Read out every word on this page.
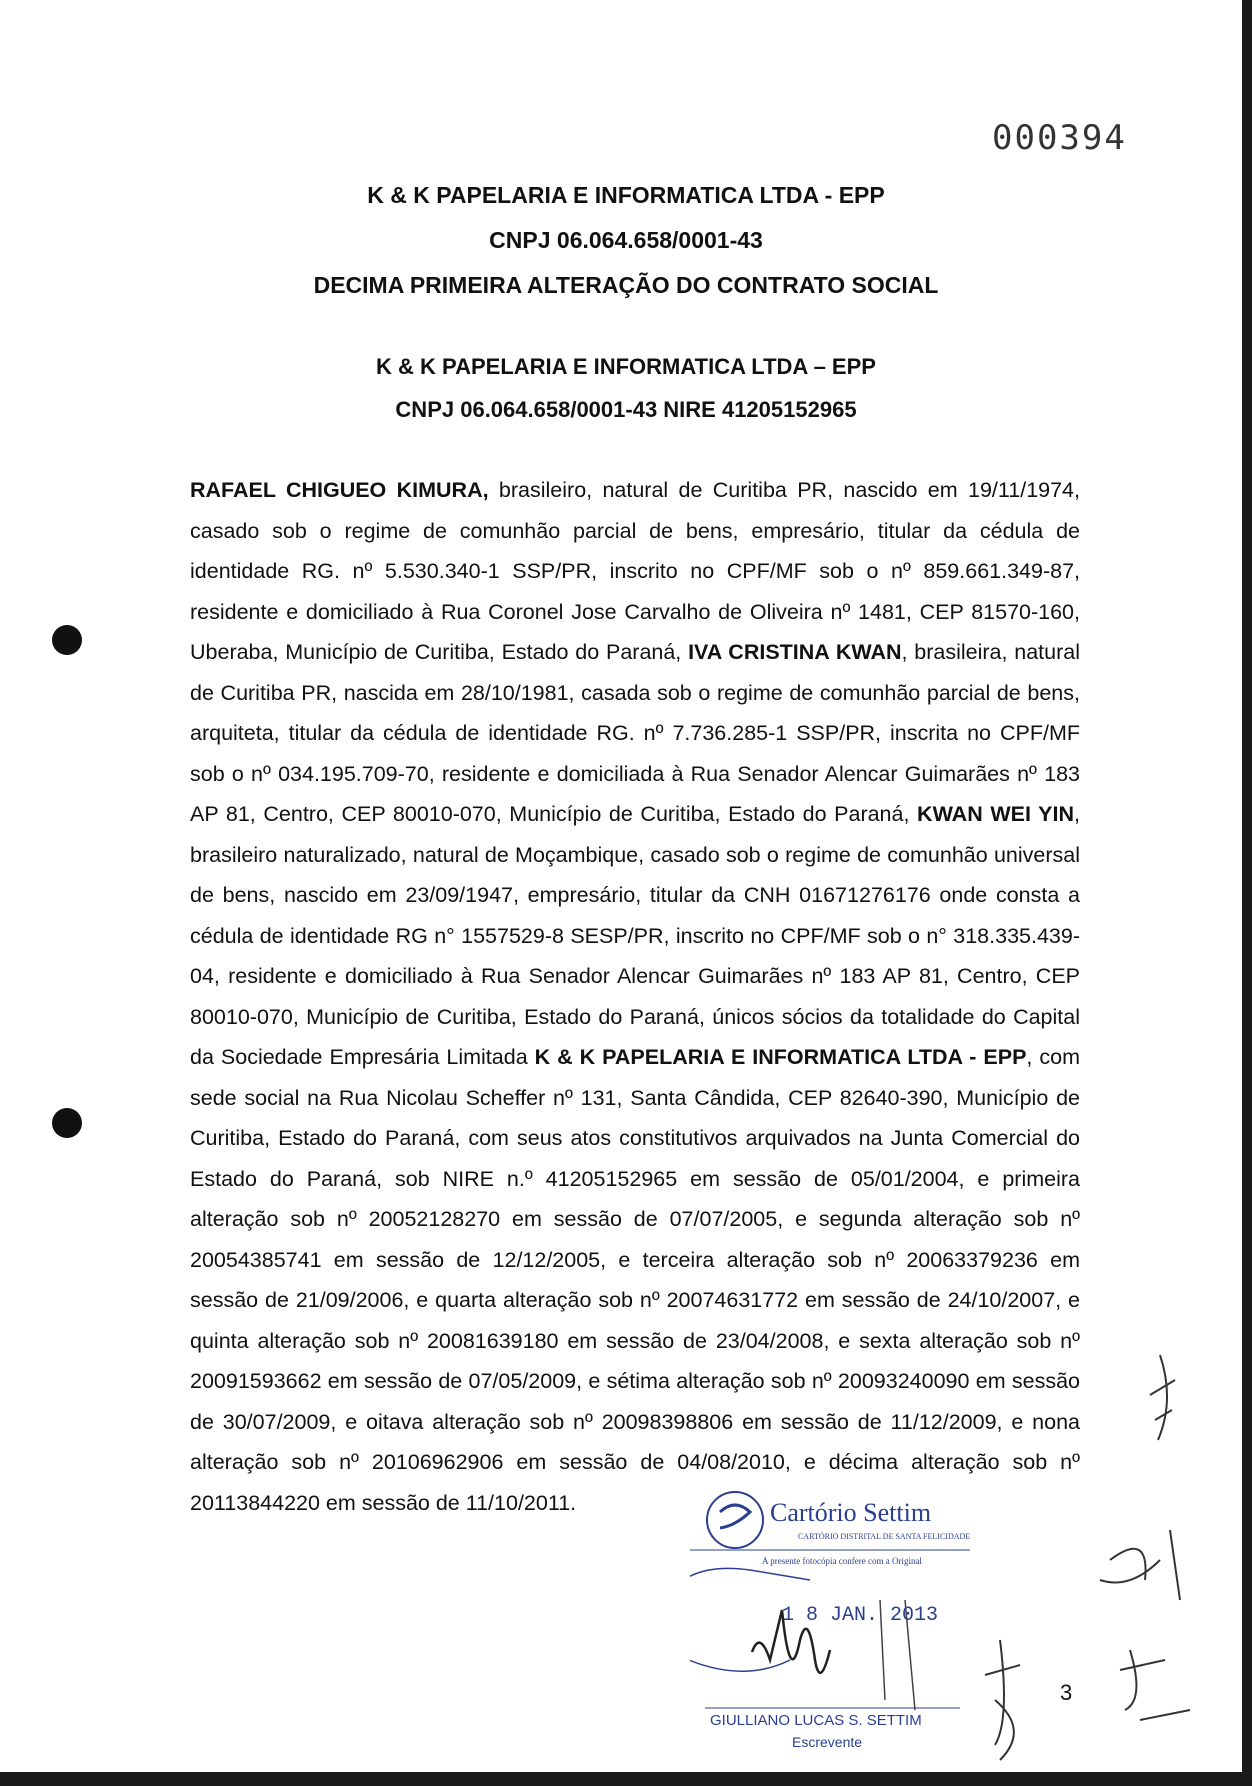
000394
K & K PAPELARIA E INFORMATICA LTDA - EPP
CNPJ 06.064.658/0001-43
DECIMA PRIMEIRA ALTERAÇÃO DO CONTRATO SOCIAL
K & K PAPELARIA E INFORMATICA LTDA – EPP
CNPJ 06.064.658/0001-43 NIRE 41205152965
RAFAEL CHIGUEO KIMURA, brasileiro, natural de Curitiba PR, nascido em 19/11/1974, casado sob o regime de comunhão parcial de bens, empresário, titular da cédula de identidade RG. nº 5.530.340-1 SSP/PR, inscrito no CPF/MF sob o nº 859.661.349-87, residente e domiciliado à Rua Coronel Jose Carvalho de Oliveira nº 1481, CEP 81570-160, Uberaba, Município de Curitiba, Estado do Paraná, IVA CRISTINA KWAN, brasileira, natural de Curitiba PR, nascida em 28/10/1981, casada sob o regime de comunhão parcial de bens, arquiteta, titular da cédula de identidade RG. nº 7.736.285-1 SSP/PR, inscrita no CPF/MF sob o nº 034.195.709-70, residente e domiciliada à Rua Senador Alencar Guimarães nº 183 AP 81, Centro, CEP 80010-070, Município de Curitiba, Estado do Paraná, KWAN WEI YIN, brasileiro naturalizado, natural de Moçambique, casado sob o regime de comunhão universal de bens, nascido em 23/09/1947, empresário, titular da CNH 01671276176 onde consta a cédula de identidade RG n° 1557529-8 SESP/PR, inscrito no CPF/MF sob o n° 318.335.439-04, residente e domiciliado à Rua Senador Alencar Guimarães nº 183 AP 81, Centro, CEP 80010-070, Município de Curitiba, Estado do Paraná, únicos sócios da totalidade do Capital da Sociedade Empresária Limitada K & K PAPELARIA E INFORMATICA LTDA - EPP, com sede social na Rua Nicolau Scheffer nº 131, Santa Cândida, CEP 82640-390, Município de Curitiba, Estado do Paraná, com seus atos constitutivos arquivados na Junta Comercial do Estado do Paraná, sob NIRE n.º 41205152965 em sessão de 05/01/2004, e primeira alteração sob nº 20052128270 em sessão de 07/07/2005, e segunda alteração sob nº 20054385741 em sessão de 12/12/2005, e terceira alteração sob nº 20063379236 em sessão de 21/09/2006, e quarta alteração sob nº 20074631772 em sessão de 24/10/2007, e quinta alteração sob nº 20081639180 em sessão de 23/04/2008, e sexta alteração sob nº 20091593662 em sessão de 07/05/2009, e sétima alteração sob nº 20093240090 em sessão de 30/07/2009, e oitava alteração sob nº 20098398806 em sessão de 11/12/2009, e nona alteração sob nº 20106962906 em sessão de 04/08/2010, e décima alteração sob nº 20113844220 em sessão de 11/10/2011.	Cartório Settim
CARTÓRIO DISTRITAL DE SANTA FELICIDADE
A presente fotocópia confere com a Original
1 8 JAN. 2013
GIULLIANO LUCAS S. SETTIM
Escrevente
3
